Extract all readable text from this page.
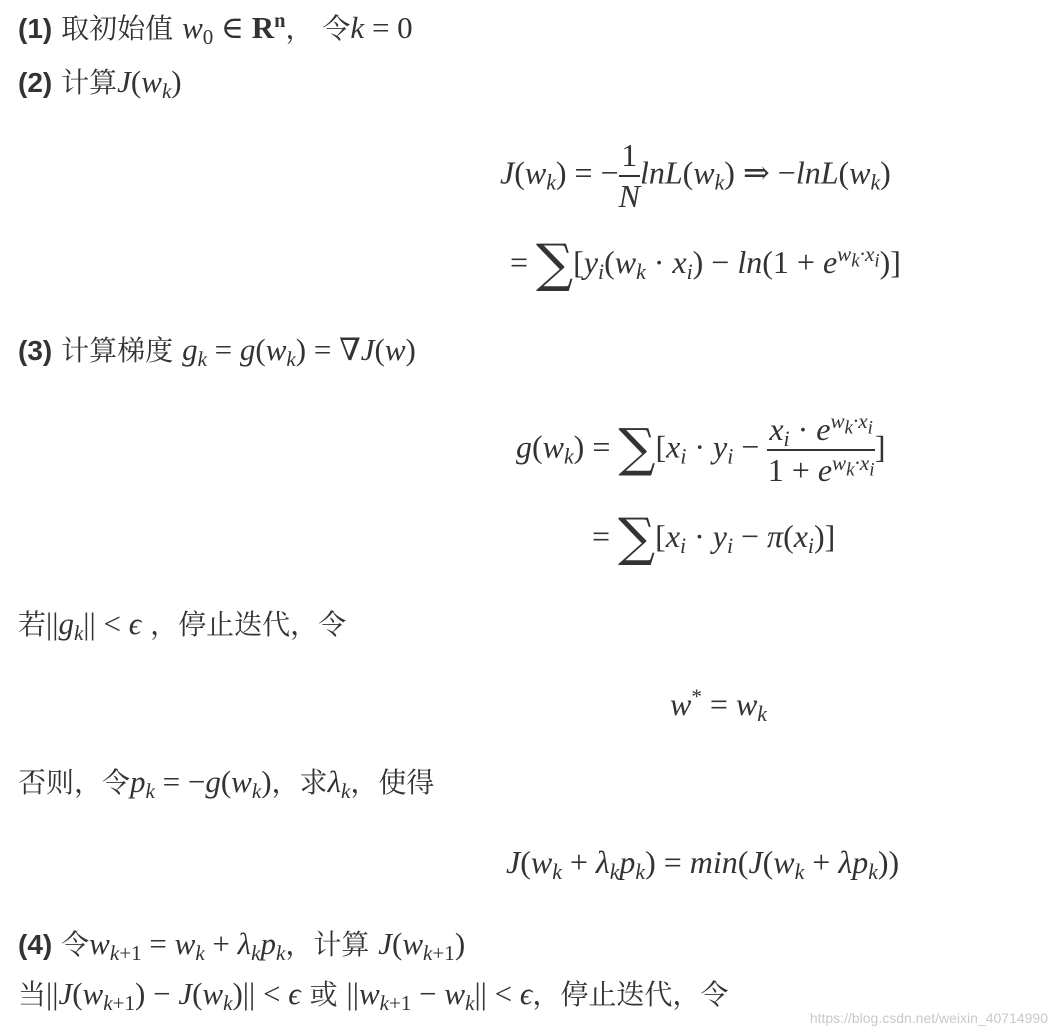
(1) 取初始值 $w_0$ ∈ $R^n$， 令k = 0
(2) 计算$J(w_k)$
$J(w_k)$ = − $\frac{1}{N} \ln L(w_k)$ ⇒ $-\ln L(w_k)$
= $\sum[y_i(w_k \cdot x_i) - \ln(1 + e^{w_k\cdot x_i})]$
(3) 计算梯度 $g_k = g(w_k) = \nabla J(w)$
$g(w_k) = \sum[x_i \cdot y_i - \frac{x_i \cdot e^{w_k\cdot x_i}}{1 + e^{w_k\cdot x_i}}$ ]
= $\sum[x_i \cdot y_i - \pi(x_i)]$
若$||g_k|| < \epsilon$ ，停止迭代，令
$w^* = w_k$
否则，令$p_k = -g(w_k)$，求$\lambda_k$，使得
$J(w_k + \lambda_kp_k) = \min(J(w_k + \lambda p_k))$
(4) 令$w_{k+1} = w_k + \lambda_kp_k$，计算 $J(w_{k+1})$
当$||J(w_{k+1}) - J(w_k)|| < \epsilon$ 或 $||w_{k+1} - w_k|| < \epsilon$，停止迭代，令
https://blog.csdn.net/weixin_40714990
